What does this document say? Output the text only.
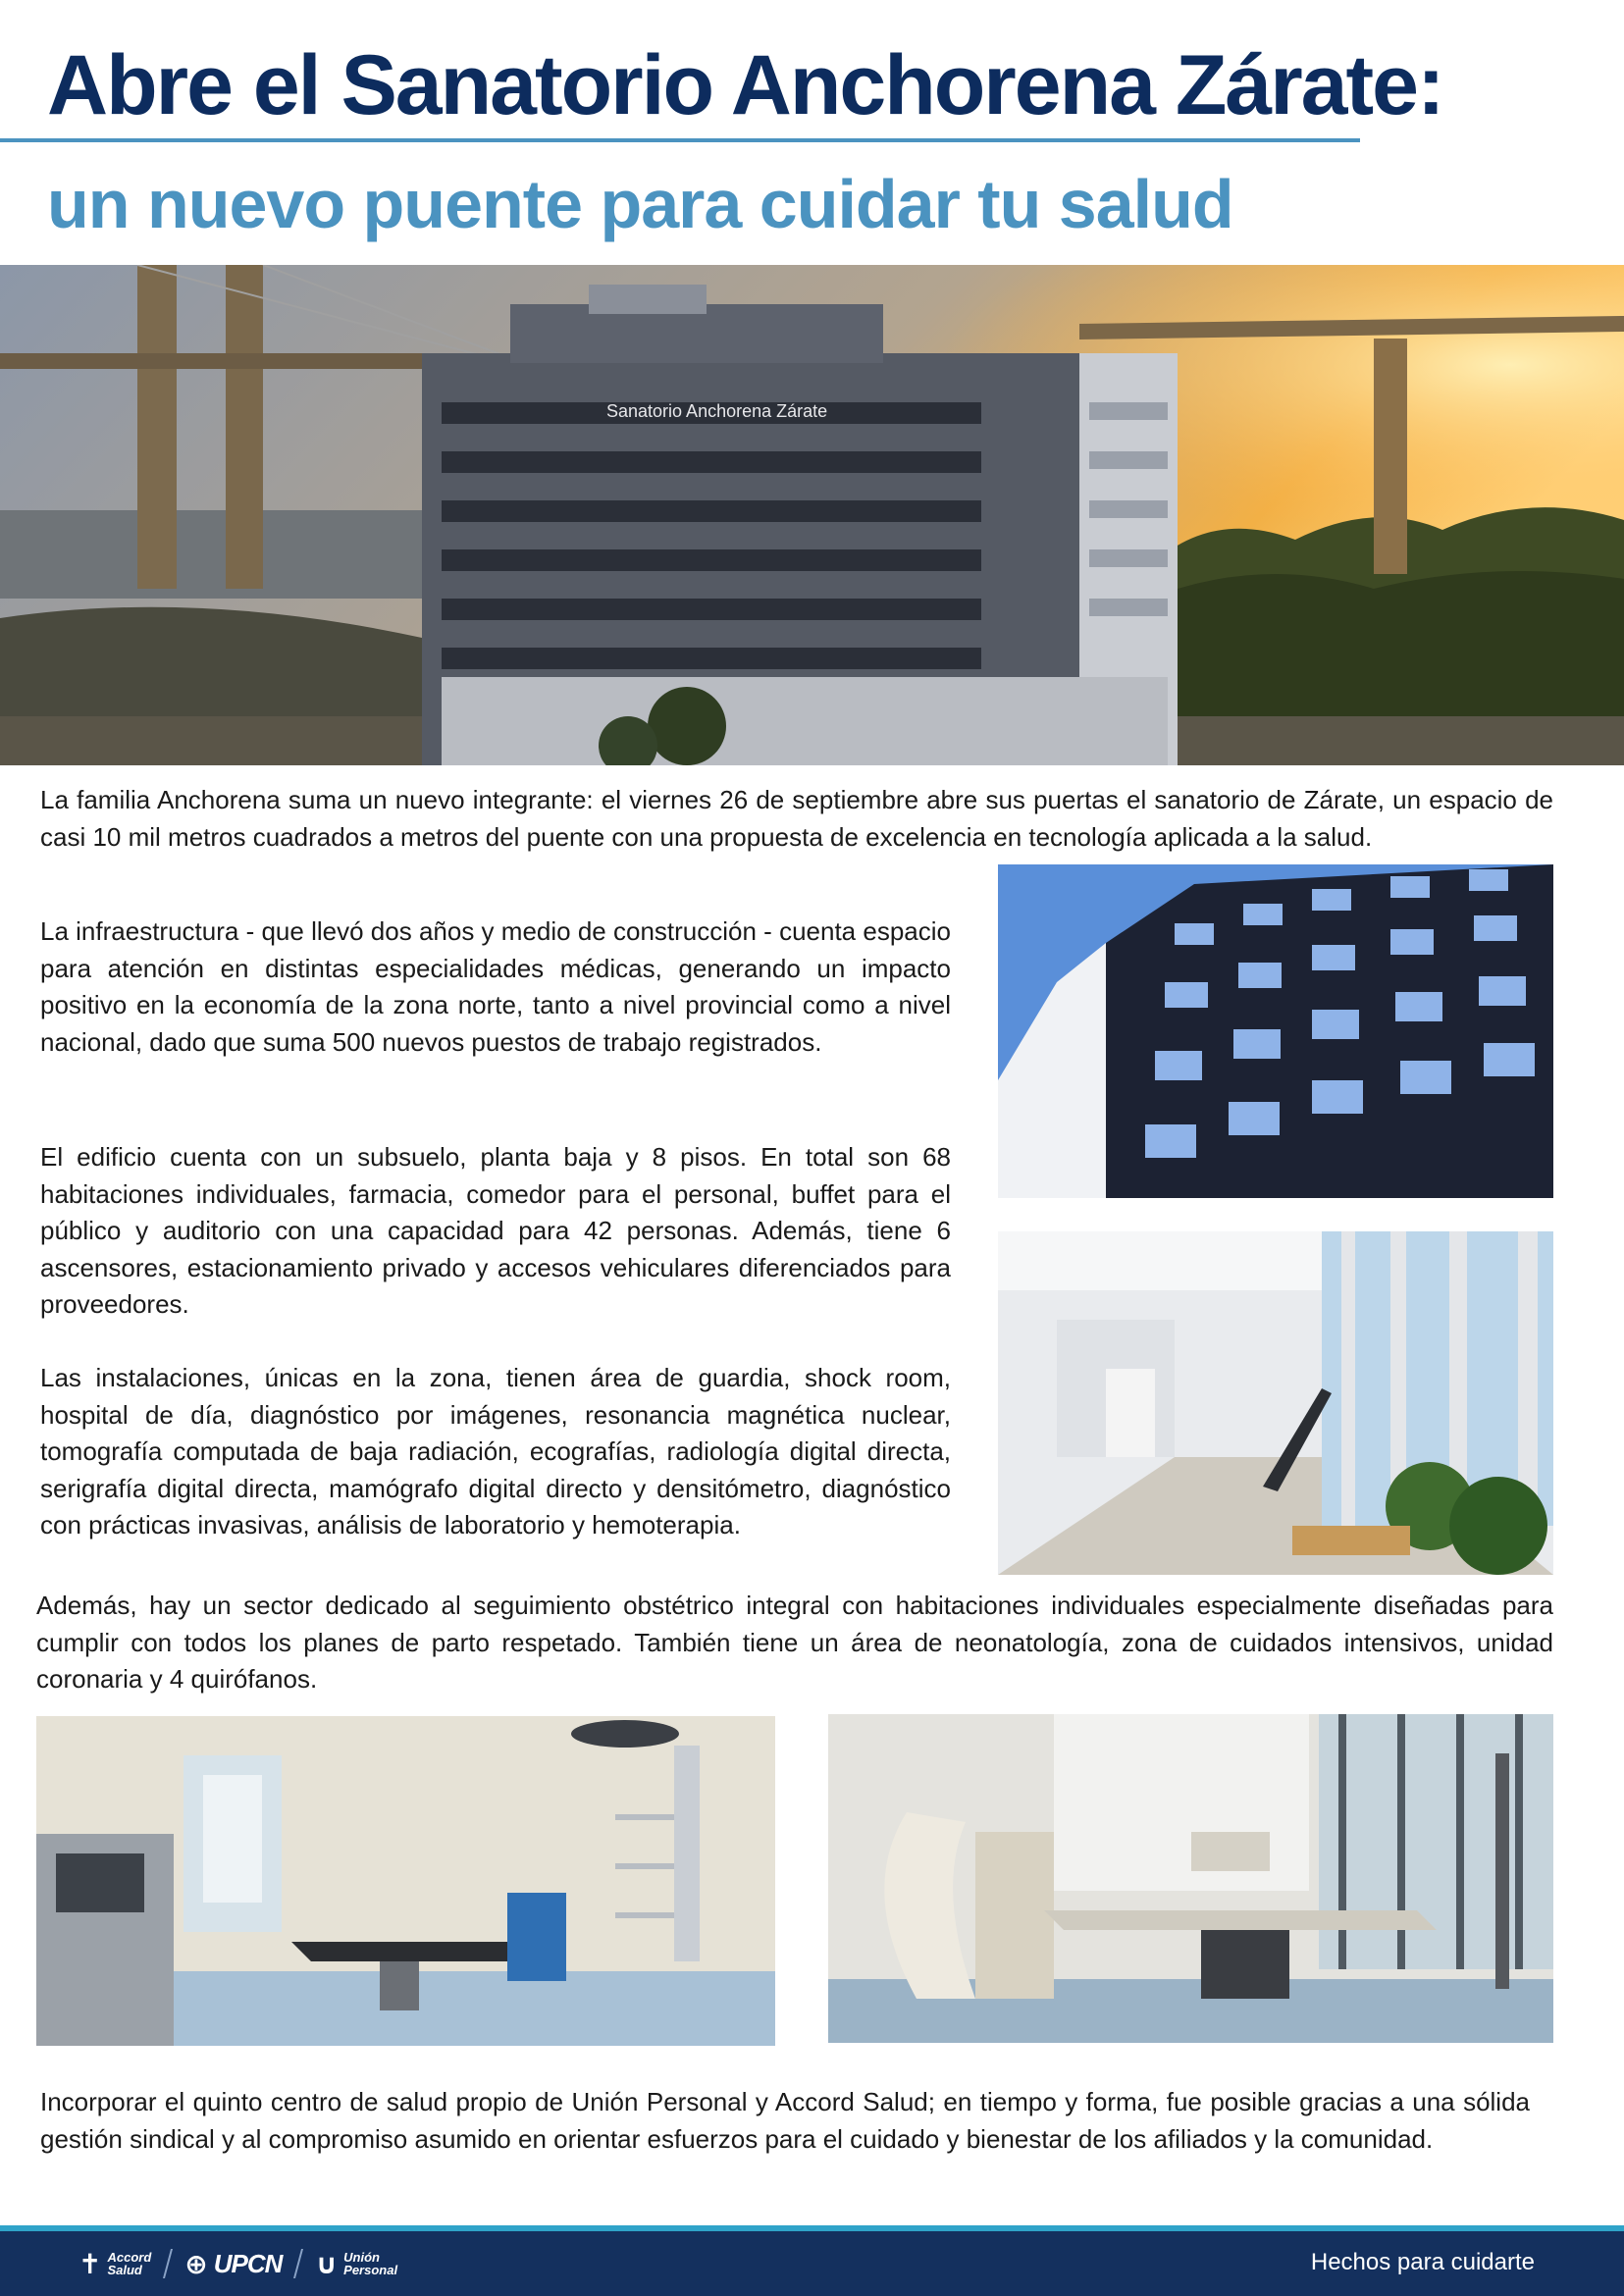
Abre el Sanatorio Anchorena Zárate:
un nuevo puente para cuidar tu salud
Sanatorio Anchorena Zárate

La familia Anchorena suma un nuevo integrante: el viernes 26 de septiembre abre sus puertas el sanatorio de Zárate, un espacio de casi 10 mil metros cuadrados a metros del puente con una propuesta de excelencia en tecnología aplicada a la salud.

La infraestructura - que llevó dos años y medio de construcción - cuenta espacio para atención en distintas especialidades médicas, generando un impacto positivo en la economía de la zona norte, tanto a nivel provincial como a nivel nacional, dado que suma 500 nuevos puestos de trabajo registrados.

El edificio cuenta con un subsuelo, planta baja y 8 pisos. En total son 68 habitaciones individuales, farmacia, comedor para el personal, buffet para el público y auditorio con una capacidad para 42 personas. Además, tiene 6 ascensores, estacionamiento privado y accesos vehiculares diferenciados para proveedores.

Las instalaciones, únicas en la zona, tienen área de guardia, shock room, hospital de día, diagnóstico por imágenes, resonancia magnética nuclear, tomografía computada de baja radiación, ecografías, radiología digital directa, serigrafía digital directa, mamógrafo digital directo y densitómetro, diagnóstico con prácticas invasivas, análisis de laboratorio y hemoterapia.

Además, hay un sector dedicado al seguimiento obstétrico integral con habitaciones individuales especialmente diseñadas para cumplir con todos los planes de parto respetado. También tiene un área de neonatología, zona de cuidados intensivos, unidad coronaria y 4 quirófanos.

Incorporar el quinto centro de salud propio de Unión Personal y Accord Salud; en tiempo y forma, fue posible gracias a una sólida gestión sindical y al compromiso asumido en orientar esfuerzos para el cuidado y bienestar de los afiliados y la comunidad.

✝ Accord
Salud	⊕ UPCN ∪ Unión
Personal	Hechos para cuidarte
